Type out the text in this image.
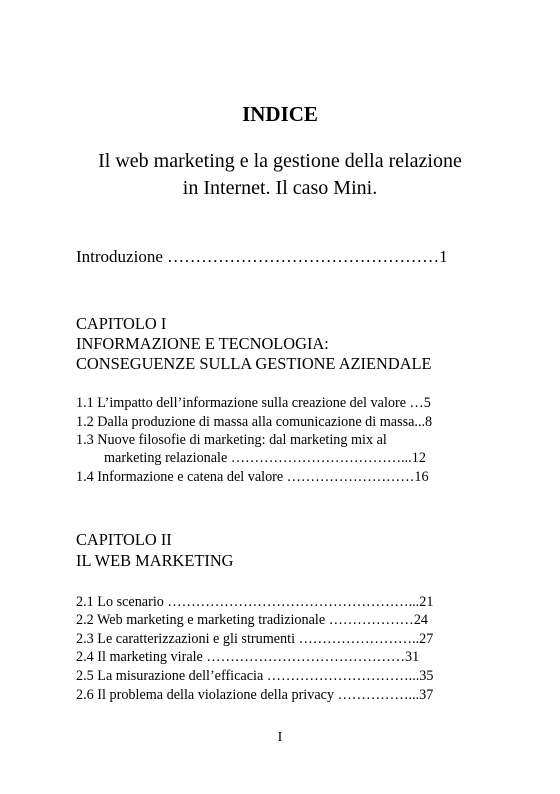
INDICE
Il web marketing e la gestione della relazione
in Internet. Il caso Mini.
Introduzione …………………………………………1
CAPITOLO I
INFORMAZIONE E TECNOLOGIA:
CONSEGUENZE SULLA GESTIONE AZIENDALE
1.1 L’impatto dell’informazione sulla creazione del valore …5
1.2 Dalla produzione di massa alla comunicazione di massa...8
1.3 Nuove filosofie di marketing: dal marketing mix al
marketing relazionale ………………………………...12
1.4 Informazione e catena del valore ………………………16
CAPITOLO II
IL WEB MARKETING
2.1 Lo scenario ……………………………………………...21
2.2 Web marketing e marketing tradizionale ………………24
2.3 Le caratterizzazioni e gli strumenti ……………………..27
2.4 Il marketing virale ……………………………………31
2.5 La misurazione dell’efficacia …………………………...35
2.6 Il problema della violazione della privacy ……………...37
I
